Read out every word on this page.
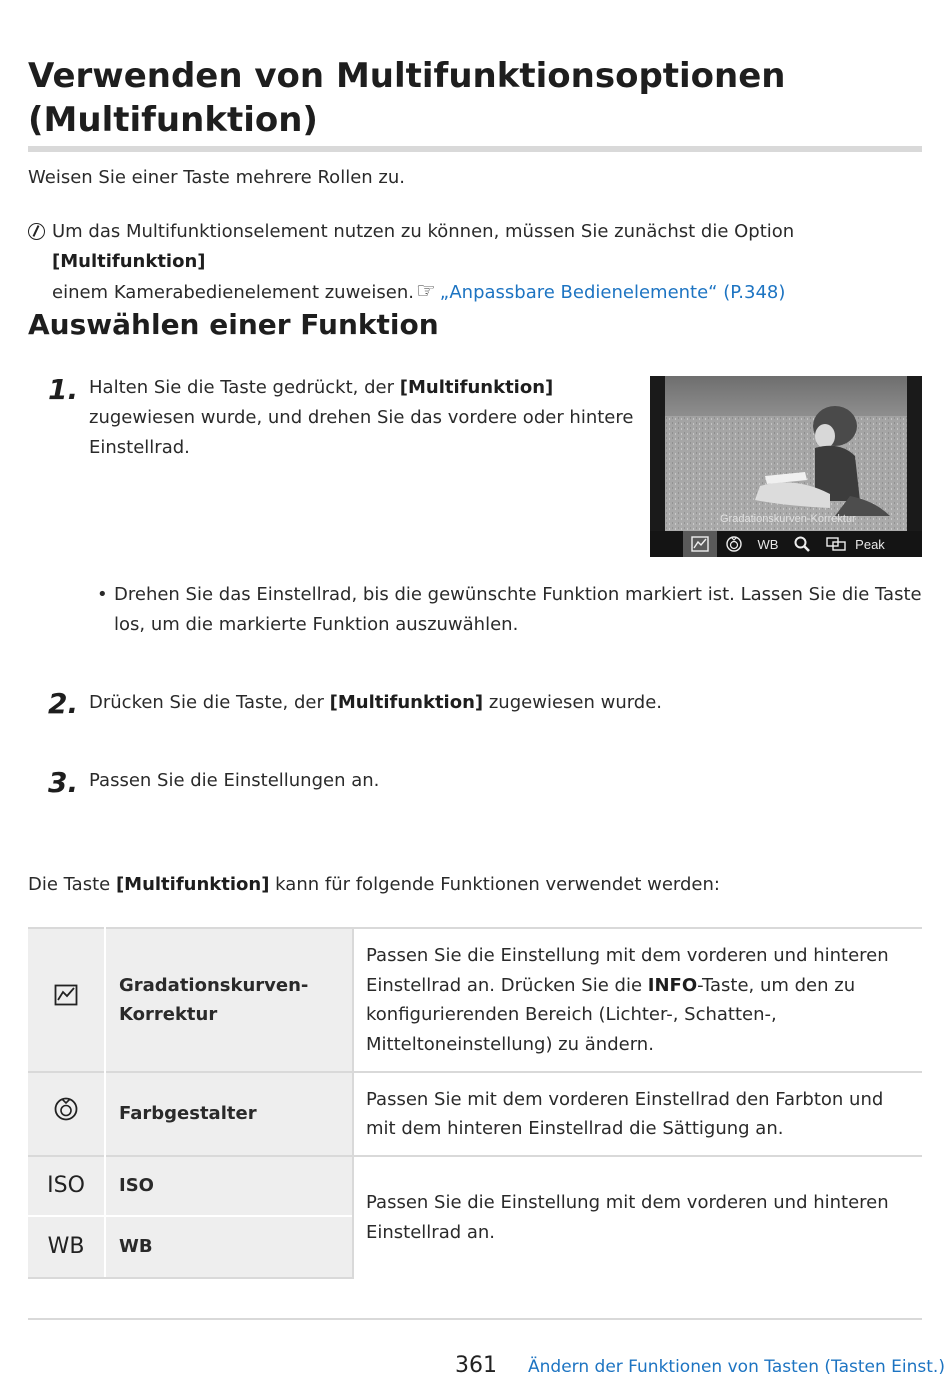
Verwenden von Multifunktionsoptionen
(Multifunktion)
Weisen Sie einer Taste mehrere Rollen zu.
Um das Multifunktionselement nutzen zu können, müssen Sie zunächst die Option [Multifunktion]
einem Kamerabedienelement zuweisen.☞ „Anpassbare Bedienelemente“ (P.348)
Auswählen einer Funktion
1. Halten Sie die Taste gedrückt, der [Multifunktion] zugewiesen wurde, und drehen Sie das vordere oder hintere Einstellrad.
Gradationskurven-Korrektur
WB	Peak
• Drehen Sie das Einstellrad, bis die gewünschte Funktion markiert ist. Lassen Sie die Taste los, um die markierte Funktion auszuwählen.
2. Drücken Sie die Taste, der [Multifunktion] zugewiesen wurde.
3. Passen Sie die Einstellungen an.
Die Taste [Multifunktion] kann für folgende Funktionen verwendet werden:
	Gradationskurven-Korrektur	Passen Sie die Einstellung mit dem vorderen und hinteren Einstellrad an. Drücken Sie die INFO-Taste, um den zu konfigurierenden Bereich (Lichter-, Schatten-, Mitteltoneinstellung) zu ändern.
	Farbgestalter	Passen Sie mit dem vorderen Einstellrad den Farbton und mit dem hinteren Einstellrad die Sättigung an.
ISO	ISO	Passen Sie die Einstellung mit dem vorderen und hinteren Einstellrad an.
WB	WB	
361 Ändern der Funktionen von Tasten (Tasten Einst.)
